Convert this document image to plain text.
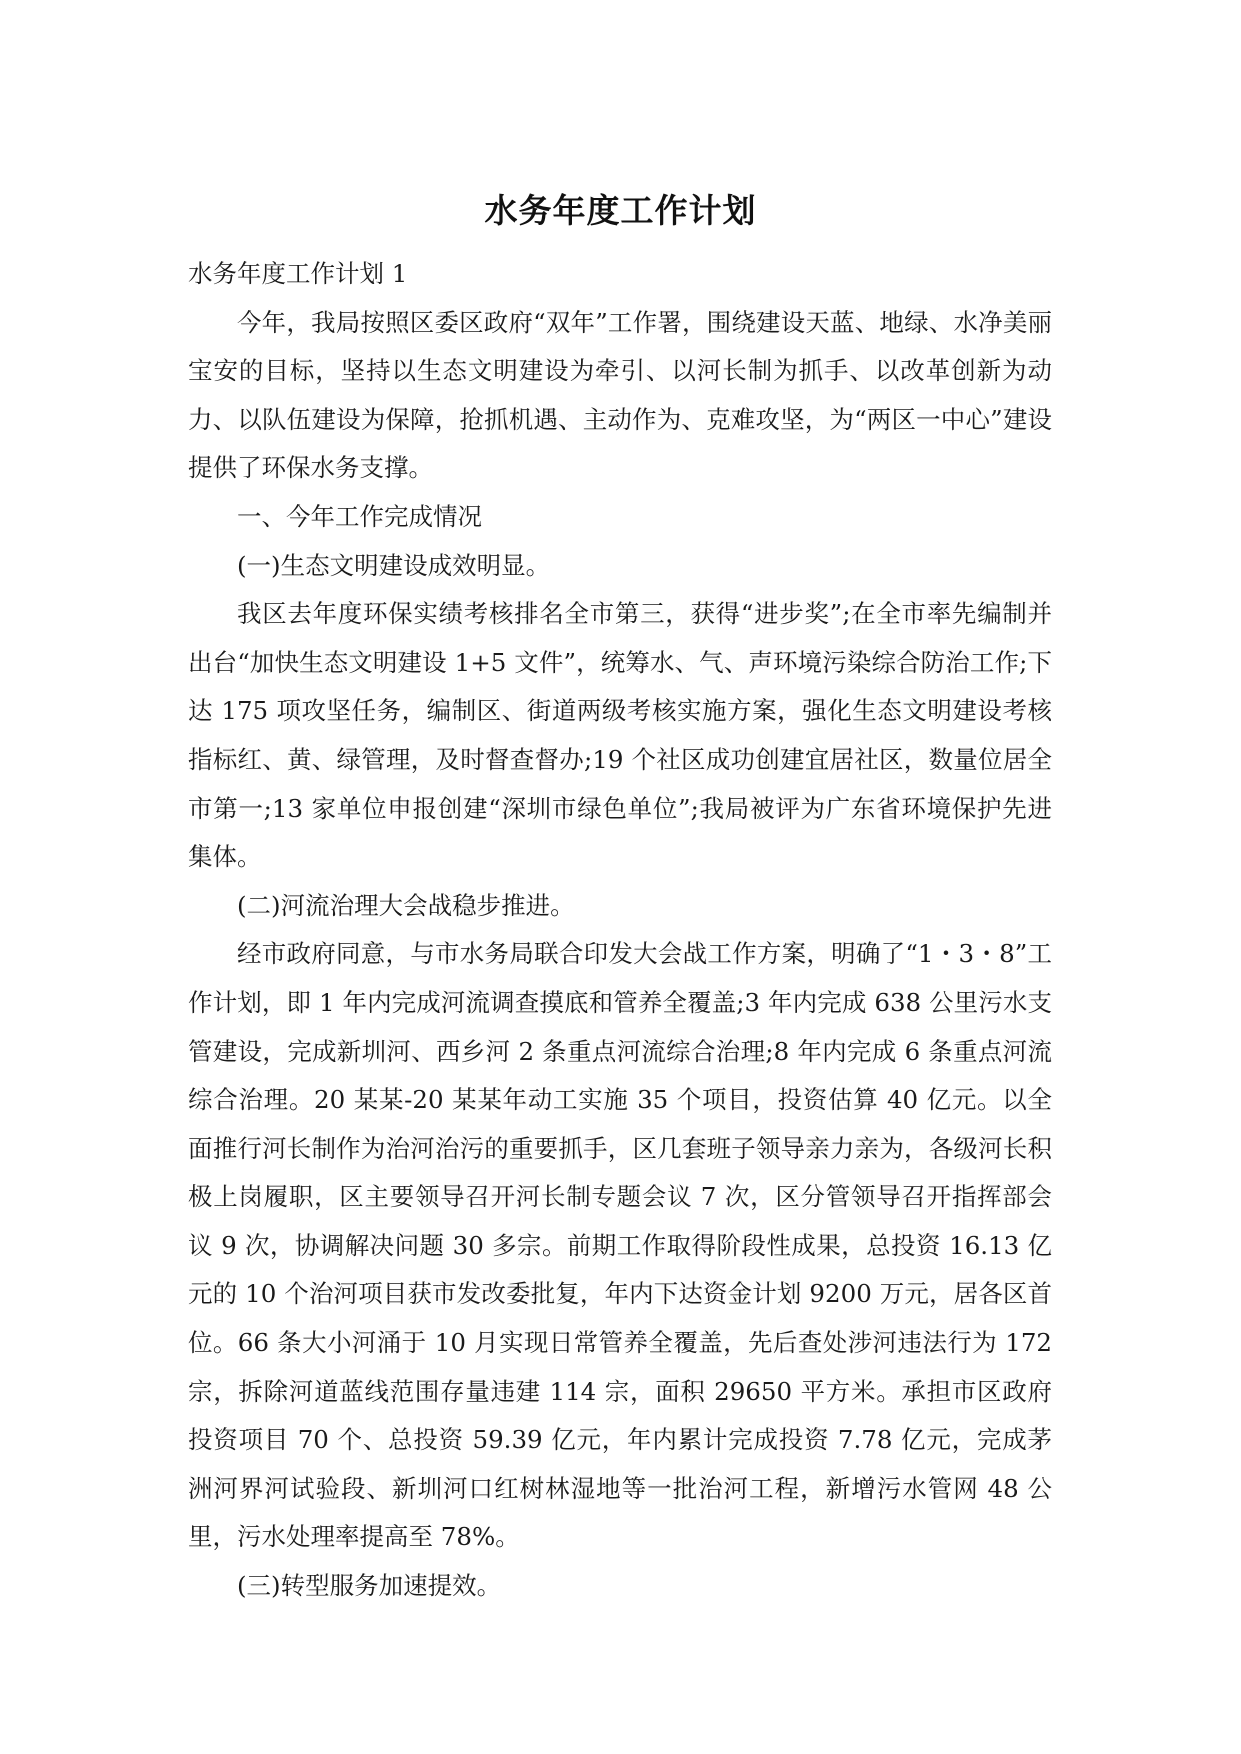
水务年度工作计划

水务年度工作计划 1

今年，我局按照区委区政府“双年”工作署，围绕建设天蓝、地绿、水净美丽宝安的目标，坚持以生态文明建设为牵引、以河长制为抓手、以改革创新为动力、以队伍建设为保障，抢抓机遇、主动作为、克难攻坚，为“两区一中心”建设提供了环保水务支撑。

一、今年工作完成情况

(一)生态文明建设成效明显。

我区去年度环保实绩考核排名全市第三，获得“进步奖”;在全市率先编制并出台“加快生态文明建设 1+5 文件”，统筹水、气、声环境污染综合防治工作;下达 175 项攻坚任务，编制区、街道两级考核实施方案，强化生态文明建设考核指标红、黄、绿管理，及时督查督办;19 个社区成功创建宜居社区，数量位居全市第一;13 家单位申报创建“深圳市绿色单位”;我局被评为广东省环境保护先进集体。

(二)河流治理大会战稳步推进。

经市政府同意，与市水务局联合印发大会战工作方案，明确了“1・3・8”工作计划，即 1 年内完成河流调查摸底和管养全覆盖;3 年内完成 638 公里污水支管建设，完成新圳河、西乡河 2 条重点河流综合治理;8 年内完成 6 条重点河流综合治理。20 某某-20 某某年动工实施 35 个项目，投资估算 40 亿元。以全面推行河长制作为治河治污的重要抓手，区几套班子领导亲力亲为，各级河长积极上岗履职，区主要领导召开河长制专题会议 7 次，区分管领导召开指挥部会议 9 次，协调解决问题 30 多宗。前期工作取得阶段性成果，总投资 16.13 亿元的 10 个治河项目获市发改委批复，年内下达资金计划 9200 万元，居各区首位。66 条大小河涌于 10 月实现日常管养全覆盖，先后查处涉河违法行为 172 宗，拆除河道蓝线范围存量违建 114 宗，面积 29650 平方米。承担市区政府投资项目 70 个、总投资 59.39 亿元，年内累计完成投资 7.78 亿元，完成茅洲河界河试验段、新圳河口红树林湿地等一批治河工程，新增污水管网 48 公里，污水处理率提高至 78%。

(三)转型服务加速提效。
